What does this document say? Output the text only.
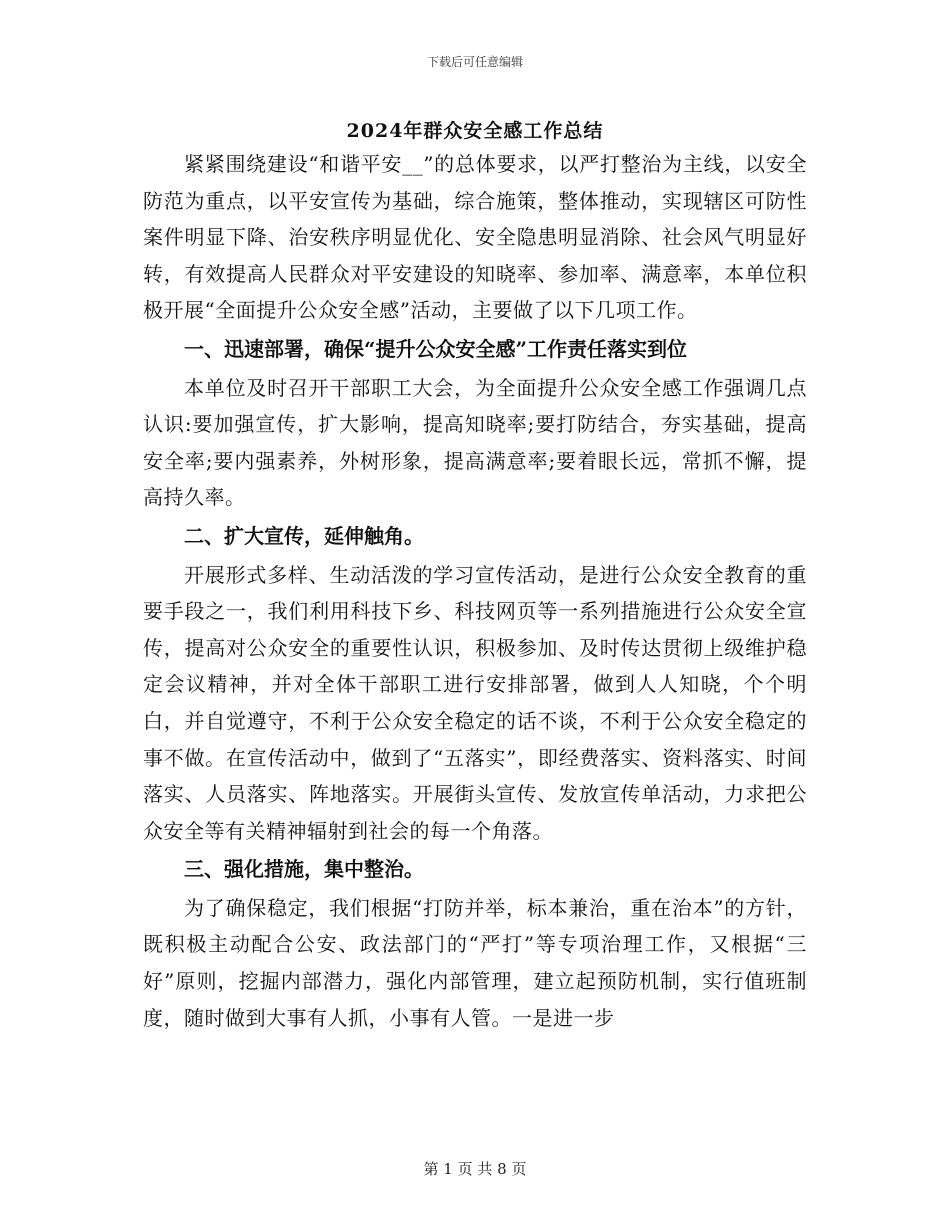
下载后可任意编辑
2024年群众安全感工作总结

紧紧围绕建设“和谐平安__”的总体要求，以严打整治为主线，以安全防范为重点，以平安宣传为基础，综合施策，整体推动，实现辖区可防性案件明显下降、治安秩序明显优化、安全隐患明显消除、社会风气明显好转，有效提高人民群众对平安建设的知晓率、参加率、满意率，本单位积极开展“全面提升公众安全感”活动，主要做了以下几项工作。

一、迅速部署，确保“提升公众安全感”工作责任落实到位

本单位及时召开干部职工大会，为全面提升公众安全感工作强调几点认识:要加强宣传，扩大影响，提高知晓率;要打防结合，夯实基础，提高安全率;要内强素养，外树形象，提高满意率;要着眼长远，常抓不懈，提高持久率。

二、扩大宣传，延伸触角。

开展形式多样、生动活泼的学习宣传活动，是进行公众安全教育的重要手段之一，我们利用科技下乡、科技网页等一系列措施进行公众安全宣传，提高对公众安全的重要性认识，积极参加、及时传达贯彻上级维护稳定会议精神，并对全体干部职工进行安排部署，做到人人知晓，个个明白，并自觉遵守，不利于公众安全稳定的话不谈，不利于公众安全稳定的事不做。在宣传活动中，做到了“五落实”，即经费落实、资料落实、时间落实、人员落实、阵地落实。开展街头宣传、发放宣传单活动，力求把公众安全等有关精神辐射到社会的每一个角落。

三、强化措施，集中整治。

为了确保稳定，我们根据“打防并举，标本兼治，重在治本”的方针，既积极主动配合公安、政法部门的“严打”等专项治理工作，又根据“三好”原则，挖掘内部潜力，强化内部管理，建立起预防机制，实行值班制度，随时做到大事有人抓，小事有人管。一是进一步

第 1 页 共 8 页
